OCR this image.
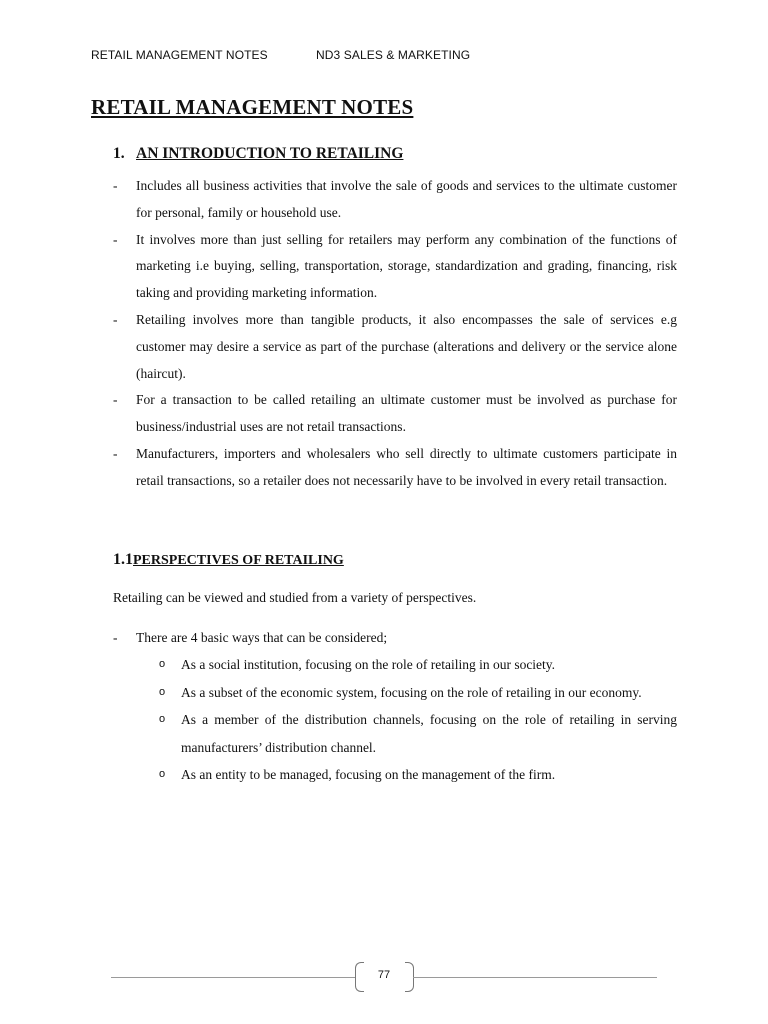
RETAIL MANAGEMENT NOTES	ND3 SALES & MARKETING
RETAIL MANAGEMENT NOTES
1. AN INTRODUCTION TO RETAILING
- Includes all business activities that involve the sale of goods and services to the ultimate customer for personal, family or household use.
- It involves more than just selling for retailers may perform any combination of the functions of marketing i.e buying, selling, transportation, storage, standardization and grading, financing, risk taking and providing marketing information.
- Retailing involves more than tangible products, it also encompasses the sale of services e.g customer may desire a service as part of the purchase (alterations and delivery or the service alone (haircut).
- For a transaction to be called retailing an ultimate customer must be involved as purchase for business/industrial uses are not retail transactions.
- Manufacturers, importers and wholesalers who sell directly to ultimate customers participate in retail transactions, so a retailer does not necessarily have to be involved in every retail transaction.
1.1PERSPECTIVES OF RETAILING

Retailing can be viewed and studied from a variety of perspectives.

- There are 4 basic ways that can be considered;
o As a social institution, focusing on the role of retailing in our society.
o As a subset of the economic system, focusing on the role of retailing in our economy.
o As a member of the distribution channels, focusing on the role of retailing in serving manufacturers’ distribution channel.
o As an entity to be managed, focusing on the management of the firm.
77
